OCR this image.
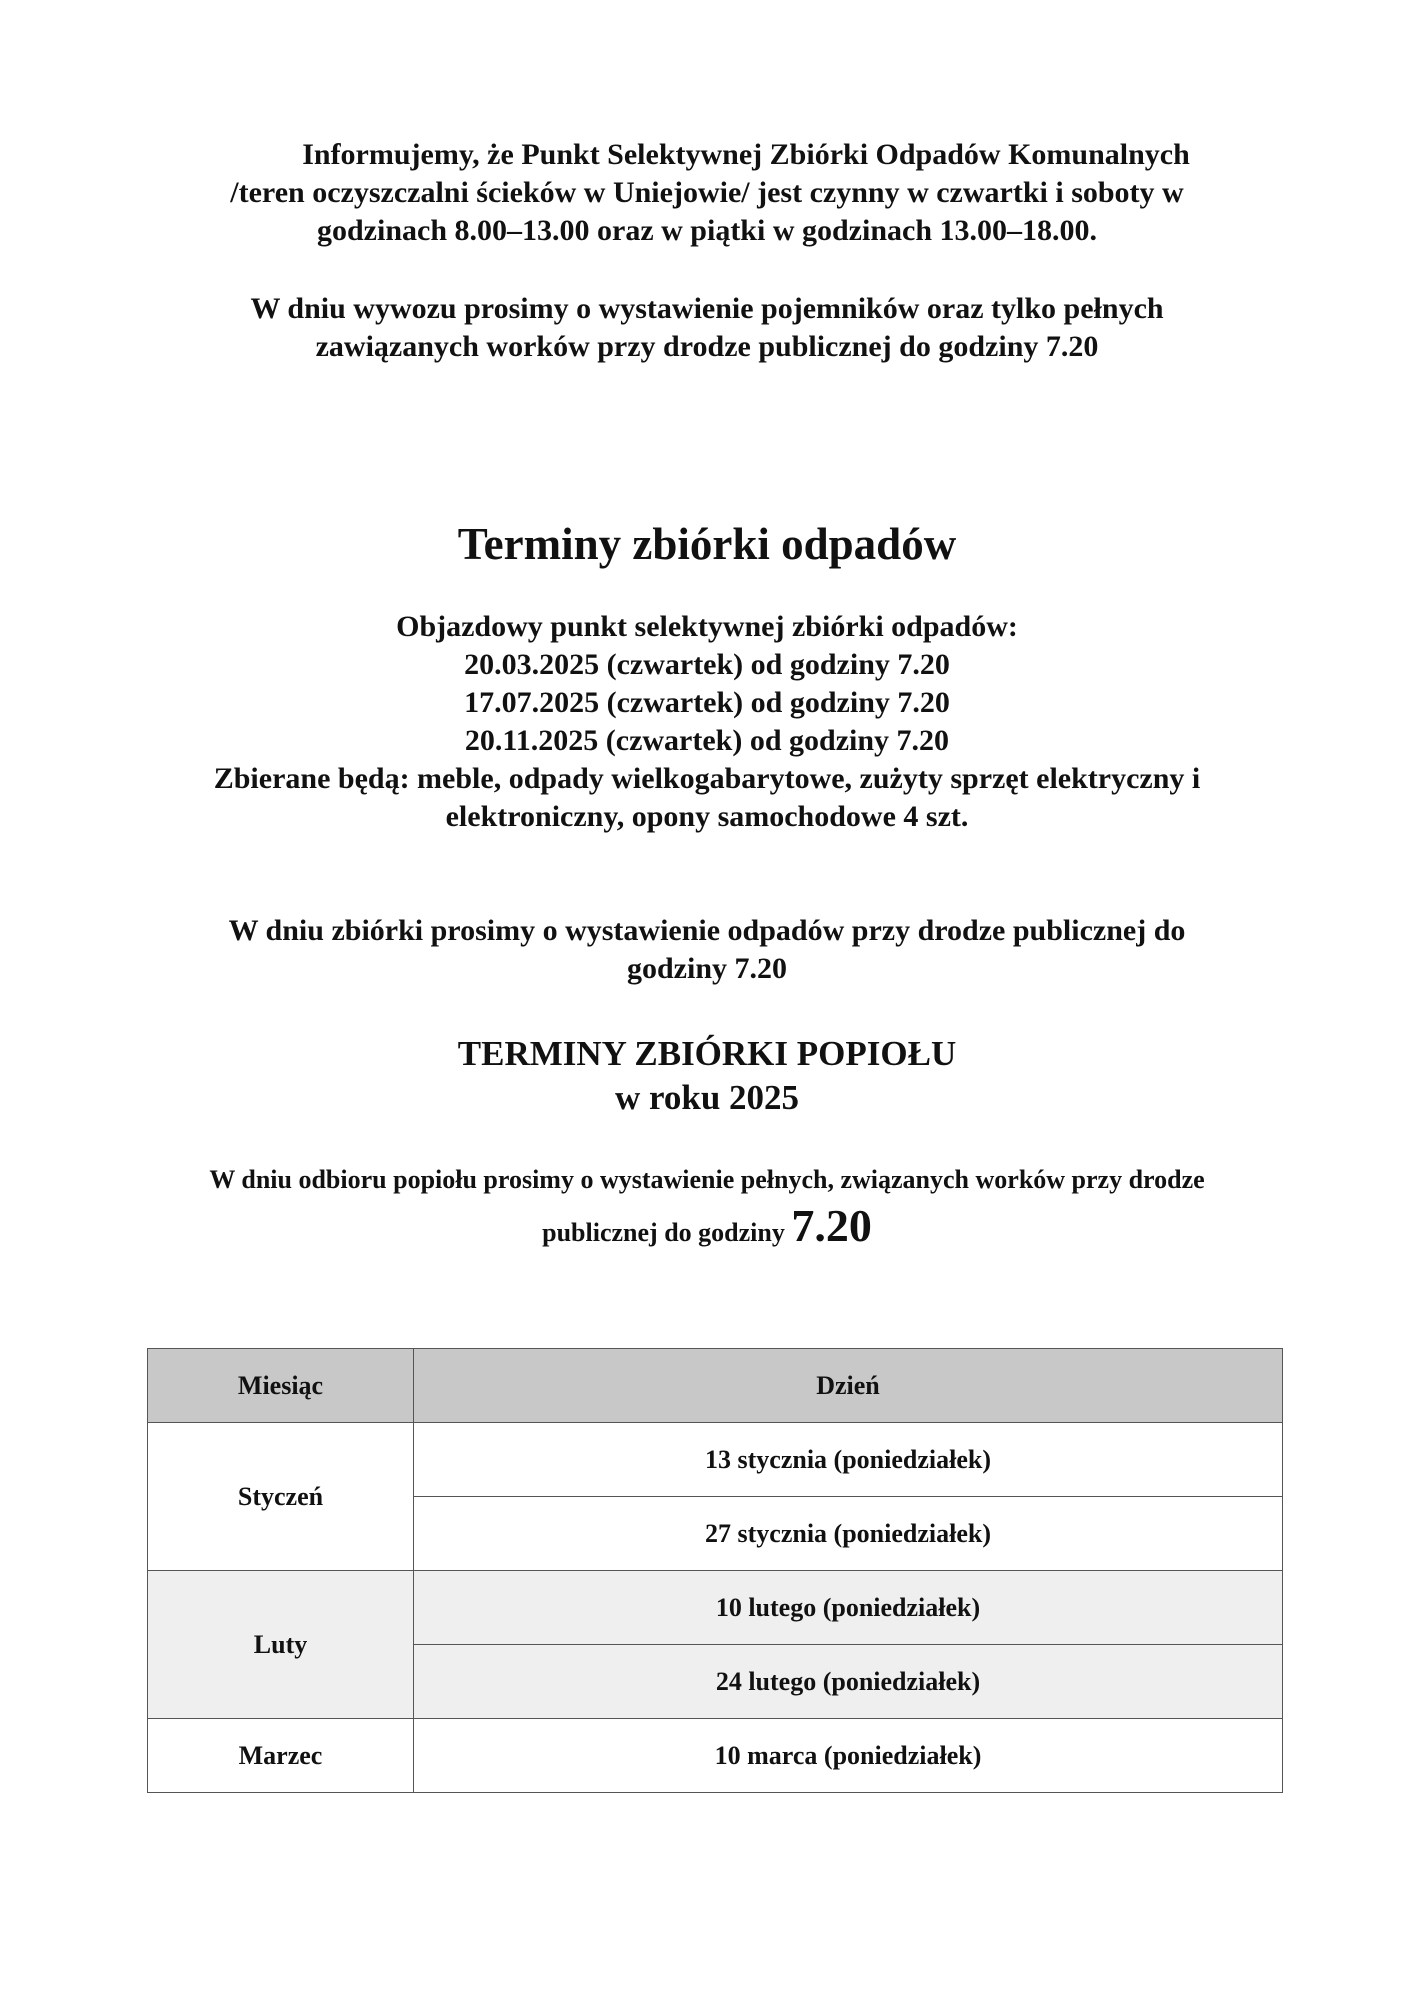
Informujemy, że Punkt Selektywnej Zbiórki Odpadów Komunalnych

/teren oczyszczalni ścieków w Uniejowie/ jest czynny w czwartki i soboty w

godzinach 8.00–13.00 oraz w piątki w godzinach 13.00–18.00.

W dniu wywozu prosimy o wystawienie pojemników oraz tylko pełnych

zawiązanych worków przy drodze publicznej do godziny 7.20

Terminy zbiórki odpadów

Objazdowy punkt selektywnej zbiórki odpadów:

20.03.2025 (czwartek) od godziny 7.20

17.07.2025 (czwartek) od godziny 7.20

20.11.2025 (czwartek) od godziny 7.20

Zbierane będą: meble, odpady wielkogabarytowe, zużyty sprzęt elektryczny i

elektroniczny, opony samochodowe 4 szt.

W dniu zbiórki prosimy o wystawienie odpadów przy drodze publicznej do

godziny 7.20

TERMINY ZBIÓRKI POPIOŁU
w roku 2025

W dniu odbioru popiołu prosimy o wystawienie pełnych, związanych worków przy drodze

publicznej do godziny 7.20

Miesiąc	Dzień
Styczeń	13 stycznia (poniedziałek)
	27 stycznia (poniedziałek)
Luty	10 lutego (poniedziałek)
	24 lutego (poniedziałek)
Marzec	10 marca (poniedziałek)
